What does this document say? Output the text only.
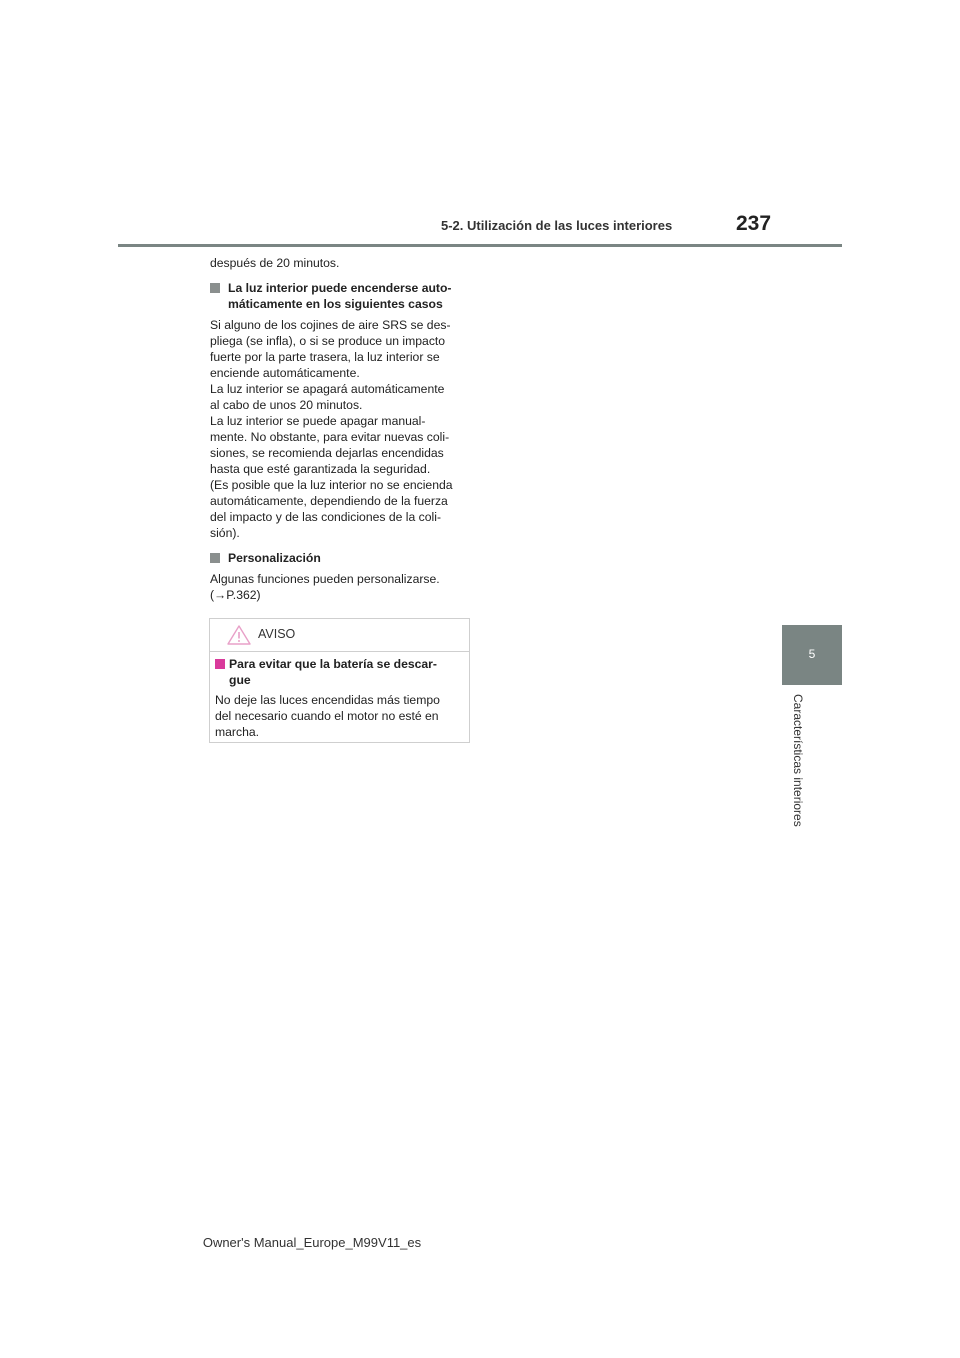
5-2. Utilización de las luces interiores	237
5
Características interiores

después de 20 minutos.

La luz interior puede encenderse auto-
máticamente en los siguientes casos
Si alguno de los cojines de aire SRS se des-
pliega (se infla), o si se produce un impacto
fuerte por la parte trasera, la luz interior se
enciende automáticamente.
La luz interior se apagará automáticamente
al cabo de unos 20 minutos.
La luz interior se puede apagar manual-
mente. No obstante, para evitar nuevas coli-
siones, se recomienda dejarlas encendidas
hasta que esté garantizada la seguridad.
(Es posible que la luz interior no se encienda
automáticamente, dependiendo de la fuerza
del impacto y de las condiciones de la coli-
sión).
Personalización
Algunas funciones pueden personalizarse.
(→P.362)
AVISO
Para evitar que la batería se descar-
gue
No deje las luces encendidas más tiempo
del necesario cuando el motor no esté en
marcha.
Owner's Manual_Europe_M99V11_es
